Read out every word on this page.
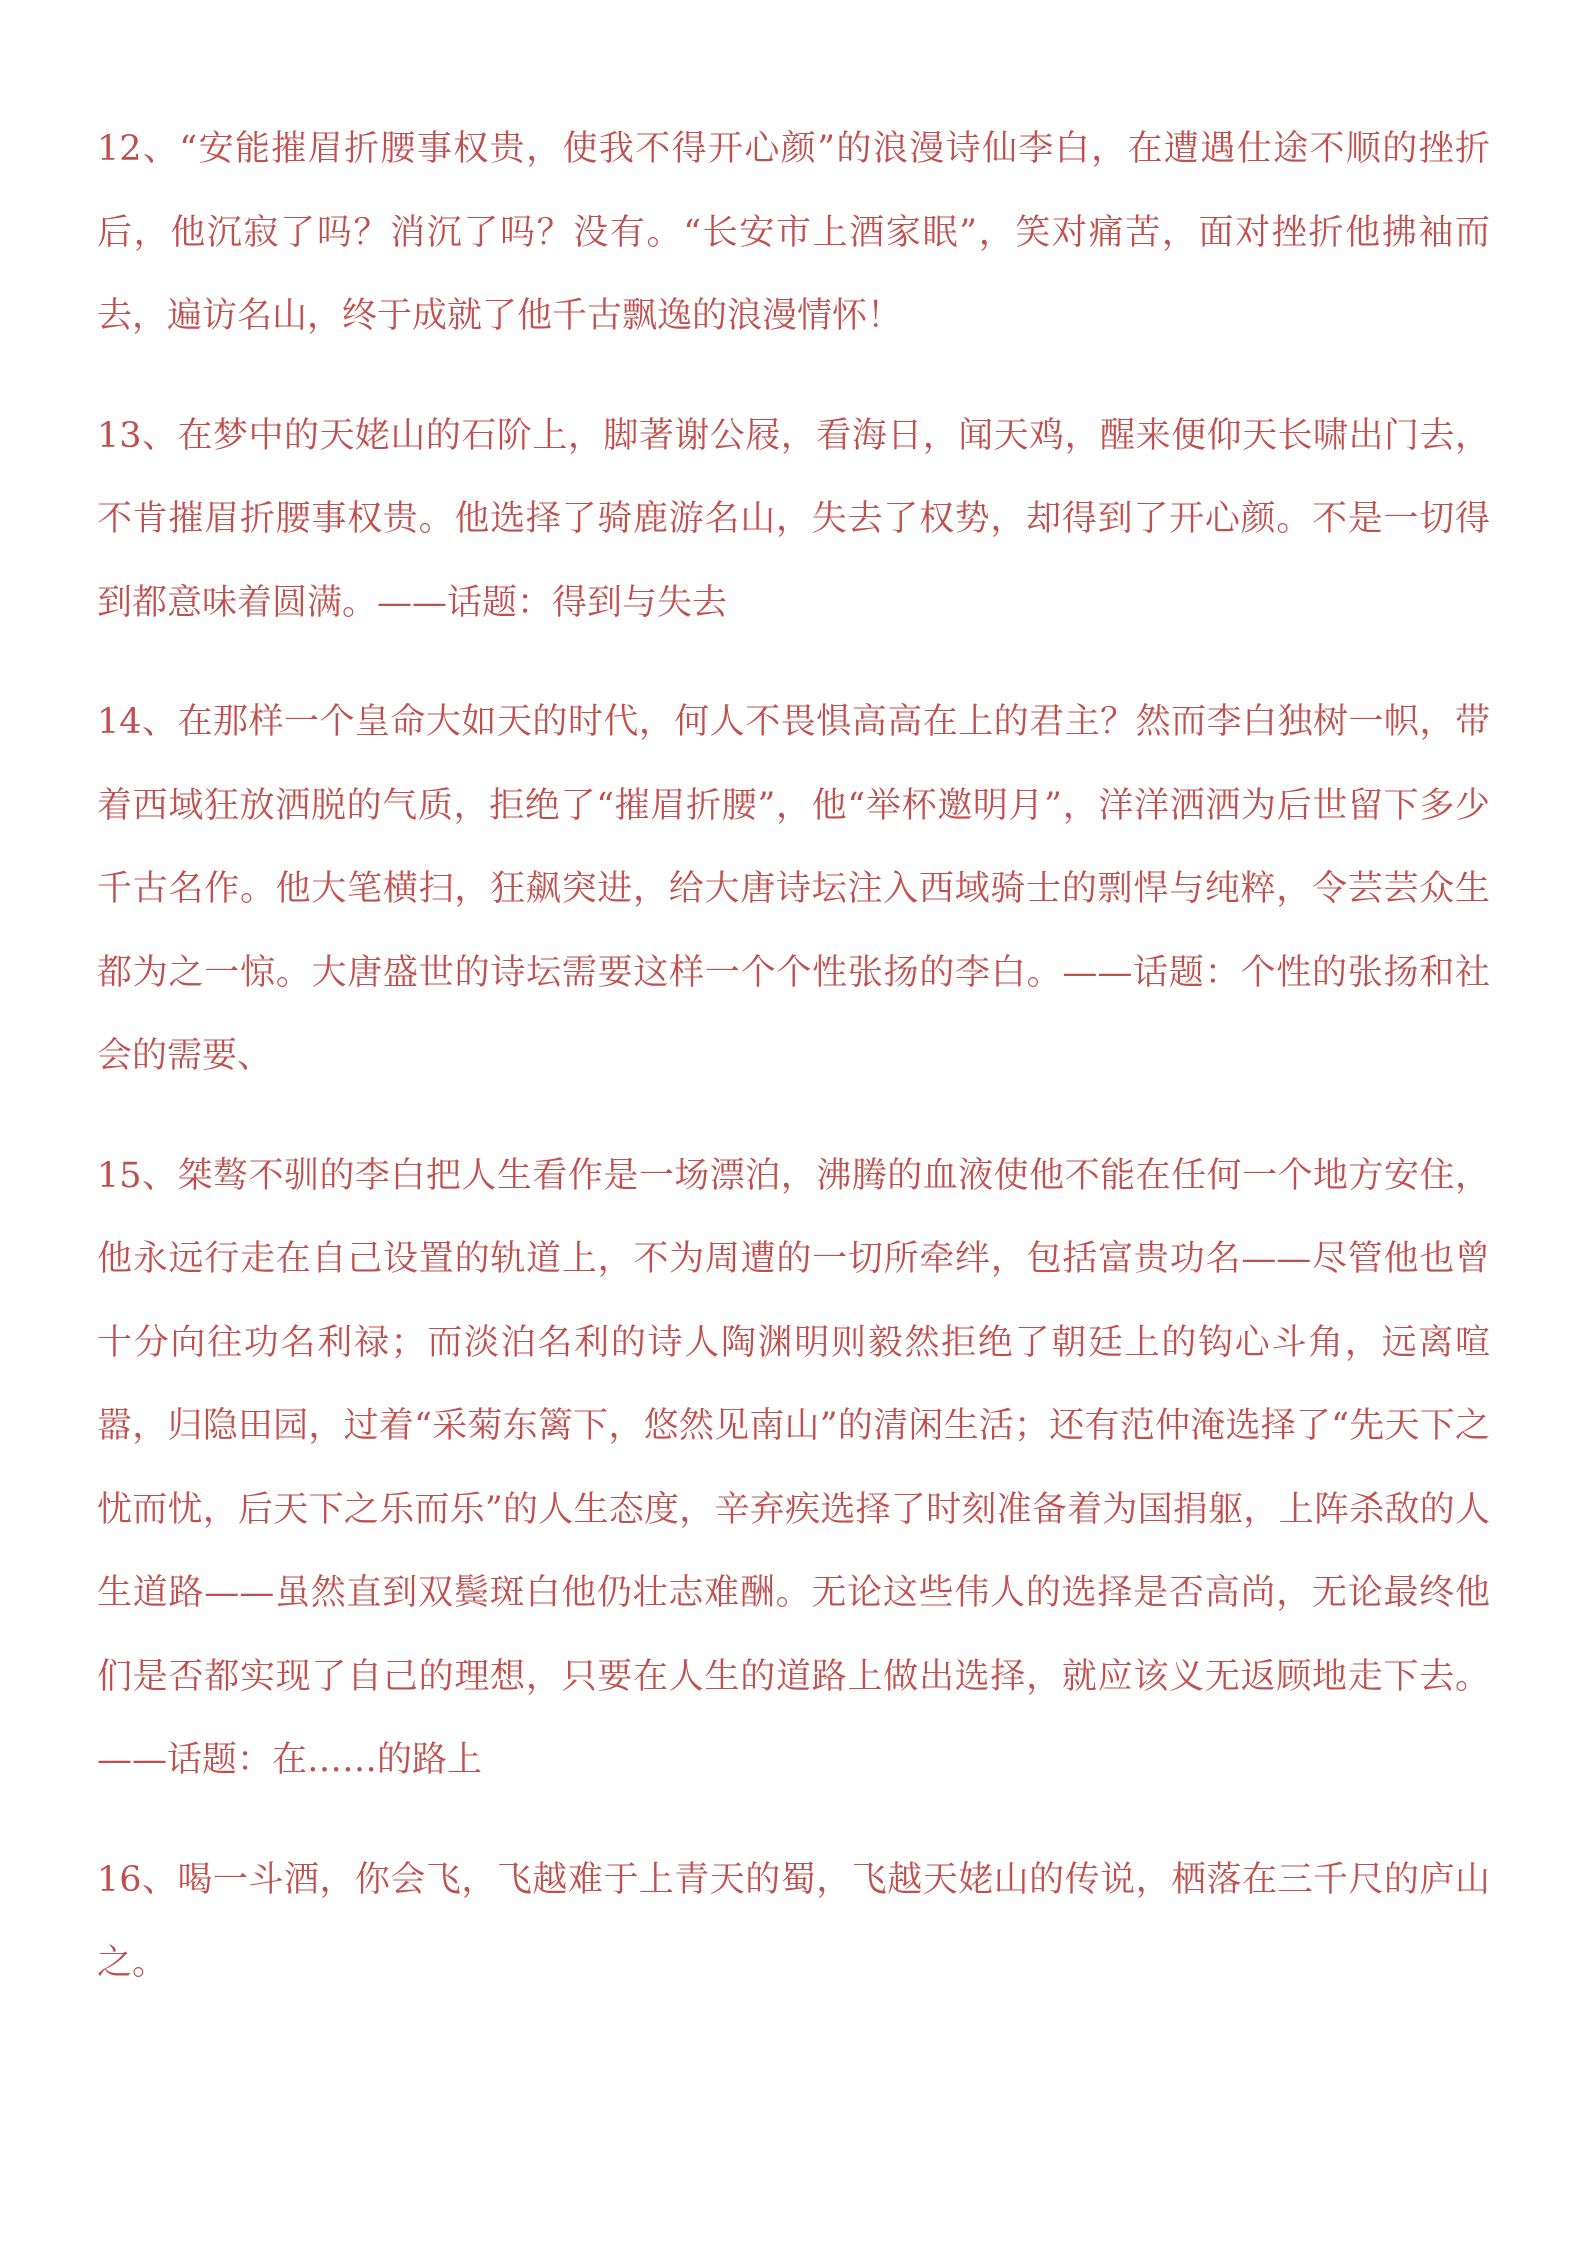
12、“安能摧眉折腰事权贵，使我不得开心颜”的浪漫诗仙李白，在遭遇仕途不顺的挫折后，他沉寂了吗？消沉了吗？没有。“长安市上酒家眠”，笑对痛苦，面对挫折他拂袖而去，遍访名山，终于成就了他千古飘逸的浪漫情怀！

13、在梦中的天姥山的石阶上，脚著谢公屐，看海日，闻天鸡，醒来便仰天长啸出门去，不肯摧眉折腰事权贵。他选择了骑鹿游名山，失去了权势，却得到了开心颜。不是一切得到都意味着圆满。——话题：得到与失去

14、在那样一个皇命大如天的时代，何人不畏惧高高在上的君主？然而李白独树一帜，带着西域狂放洒脱的气质，拒绝了“摧眉折腰”，他“举杯邀明月”，洋洋洒洒为后世留下多少千古名作。他大笔横扫，狂飙突进，给大唐诗坛注入西域骑士的剽悍与纯粹，令芸芸众生都为之一惊。大唐盛世的诗坛需要这样一个个性张扬的李白。——话题：个性的张扬和社会的需要、

15、桀骜不驯的李白把人生看作是一场漂泊，沸腾的血液使他不能在任何一个地方安住，他永远行走在自己设置的轨道上，不为周遭的一切所牵绊，包括富贵功名——尽管他也曾十分向往功名利禄；而淡泊名利的诗人陶渊明则毅然拒绝了朝廷上的钩心斗角，远离喧嚣，归隐田园，过着“采菊东篱下，悠然见南山”的清闲生活；还有范仲淹选择了“先天下之忧而忧，后天下之乐而乐”的人生态度，辛弃疾选择了时刻准备着为国捐躯，上阵杀敌的人生道路——虽然直到双鬓斑白他仍壮志难酬。无论这些伟人的选择是否高尚，无论最终他们是否都实现了自己的理想，只要在人生的道路上做出选择，就应该义无返顾地走下去。——话题：在……的路上

16、喝一斗酒，你会飞，飞越难于上青天的蜀，飞越天姥山的传说，栖落在三千尺的庐山之。
